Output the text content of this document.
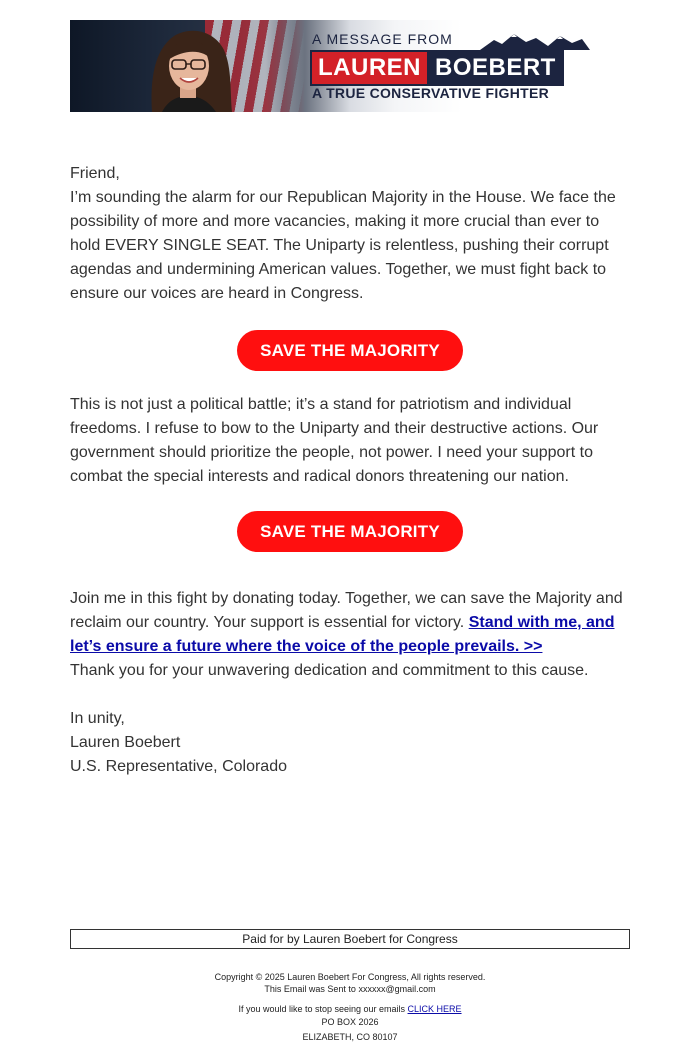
A MESSAGE FROM
LAUREN BOEBERT
A TRUE CONSERVATIVE FIGHTER

Friend,

I’m sounding the alarm for our Republican Majority in the House. We face the possibility of more and more vacancies, making it more crucial than ever to hold EVERY SINGLE SEAT. The Uniparty is relentless, pushing their corrupt agendas and undermining American values. Together, we must fight back to ensure our voices are heard in Congress.

SAVE THE MAJORITY

This is not just a political battle; it’s a stand for patriotism and individual freedoms. I refuse to bow to the Uniparty and their destructive actions. Our government should prioritize the people, not power. I need your support to combat the special interests and radical donors threatening our nation.

SAVE THE MAJORITY

Join me in this fight by donating today. Together, we can save the Majority and reclaim our country. Your support is essential for victory. Stand with me, and let’s ensure a future where the voice of the people prevails. >>

Thank you for your unwavering dedication and commitment to this cause.

In unity,

Lauren Boebert

U.S. Representative, Colorado

Paid for by Lauren Boebert for Congress
Copyright © 2025 Lauren Boebert For Congress, All rights reserved.
This Email was Sent to xxxxxx@gmail.com
If you would like to stop seeing our emails CLICK HERE
PO BOX 2026
ELIZABETH, CO 80107
